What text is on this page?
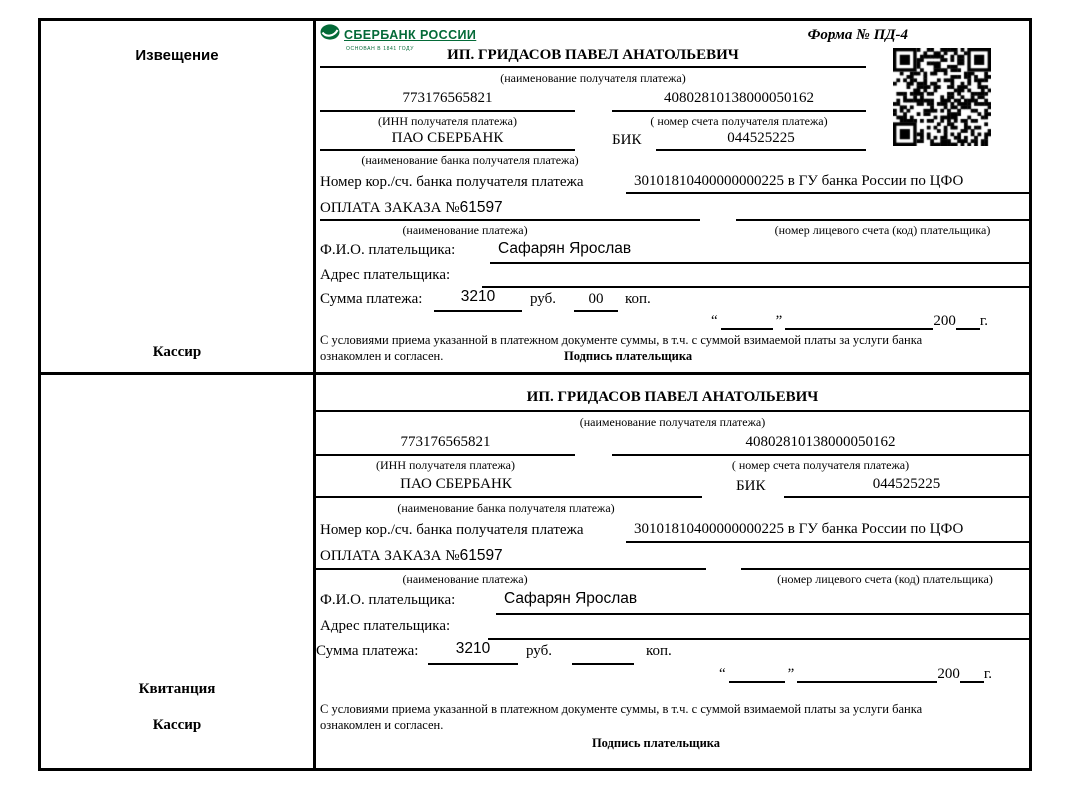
Извещение
Кассир
СБЕРБАНК РОССИИ
ОСНОВАН В 1841 ГОДУ
Форма № ПД-4
ИП. ГРИДАСОВ ПАВЕЛ АНАТОЛЬЕВИЧ
(наименование получателя платежа)
773176565821	40802810138000050162
(ИНН получателя платежа)	( номер счета получателя платежа)
ПАО СБЕРБАНК	БИК	044525225
(наименование банка получателя платежа)
Номер кор./сч. банка получателя платежа	30101810400000000225 в ГУ банка России по ЦФО
ОПЛАТА ЗАКАЗА №61597
(наименование платежа)	(номер лицевого счета (код) плательщика)
Ф.И.О. плательщика:	Сафарян Ярослав
Адрес плательщика:
Сумма платежа:	3210	руб.	00	коп.
“	”	200 г.
С условиями приема указанной в платежном документе суммы, в т.ч. с суммой взимаемой платы за услуги банка
ознакомлен и согласен.	Подпись плательщика
Квитанция
Кассир
ИП. ГРИДАСОВ ПАВЕЛ АНАТОЛЬЕВИЧ
(наименование получателя платежа)
773176565821	40802810138000050162
(ИНН получателя платежа)	( номер счета получателя платежа)
ПАО СБЕРБАНК	БИК	044525225
(наименование банка получателя платежа)
Номер кор./сч. банка получателя платежа	30101810400000000225 в ГУ банка России по ЦФО
ОПЛАТА ЗАКАЗА №61597
(наименование платежа)	(номер лицевого счета (код) плательщика)
Ф.И.О. плательщика:	Сафарян Ярослав
Адрес плательщика:
Сумма платежа:	3210	руб.	коп.
“	”	200 г.
С условиями приема указанной в платежном документе суммы, в т.ч. с суммой взимаемой платы за услуги банка
ознакомлен и согласен.
Подпись плательщика
